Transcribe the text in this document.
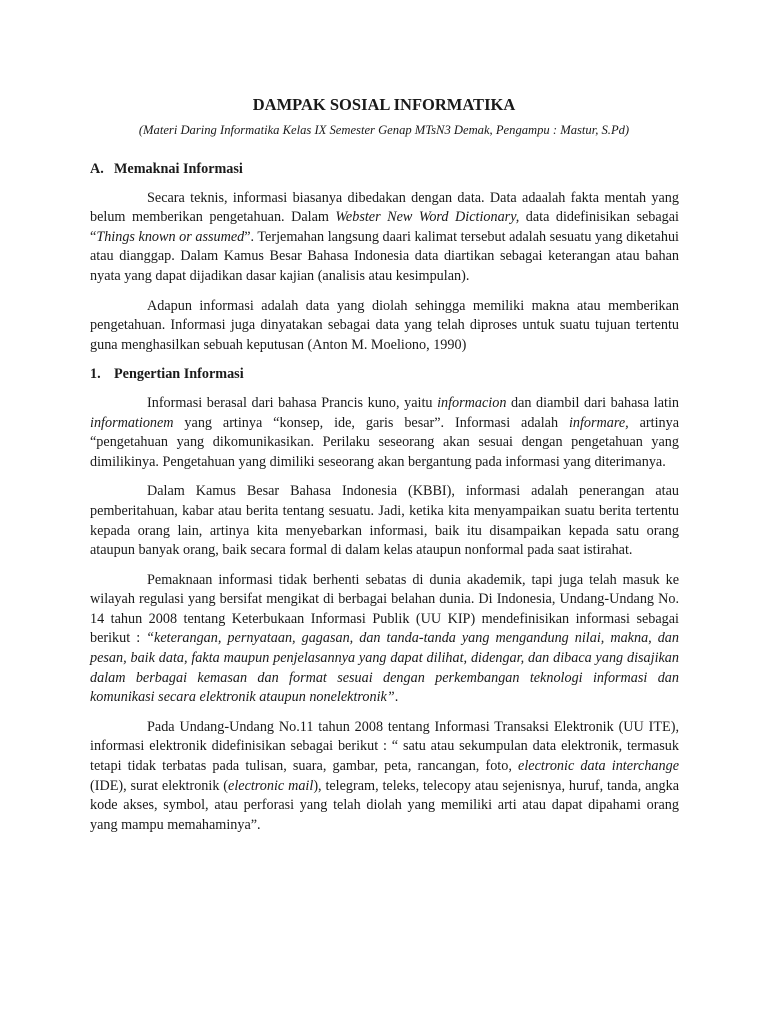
DAMPAK SOSIAL INFORMATIKA
(Materi Daring Informatika Kelas IX Semester Genap MTsN3 Demak, Pengampu : Mastur, S.Pd)
A. Memaknai Informasi

Secara teknis, informasi biasanya dibedakan dengan data. Data adaalah fakta mentah yang belum memberikan pengetahuan. Dalam Webster New Word Dictionary, data didefinisikan sebagai “Things known or assumed”. Terjemahan langsung daari kalimat tersebut adalah sesuatu yang diketahui atau dianggap. Dalam Kamus Besar Bahasa Indonesia data diartikan sebagai keterangan atau bahan nyata yang dapat dijadikan dasar kajian (analisis atau kesimpulan).

Adapun informasi adalah data yang diolah sehingga memiliki makna atau memberikan pengetahuan. Informasi juga dinyatakan sebagai data yang telah diproses untuk suatu tujuan tertentu guna menghasilkan sebuah keputusan (Anton M. Moeliono, 1990)

1. Pengertian Informasi

Informasi berasal dari bahasa Prancis kuno, yaitu informacion dan diambil dari bahasa latin informationem yang artinya “konsep, ide, garis besar”. Informasi adalah informare, artinya “pengetahuan yang dikomunikasikan. Perilaku seseorang akan sesuai dengan pengetahuan yang dimilikinya. Pengetahuan yang dimiliki seseorang akan bergantung pada informasi yang diterimanya.

Dalam Kamus Besar Bahasa Indonesia (KBBI), informasi adalah penerangan atau pemberitahuan, kabar atau berita tentang sesuatu. Jadi, ketika kita menyampaikan suatu berita tertentu kepada orang lain, artinya kita menyebarkan informasi, baik itu disampaikan kepada satu orang ataupun banyak orang, baik secara formal di dalam kelas ataupun nonformal pada saat istirahat.

Pemaknaan informasi tidak berhenti sebatas di dunia akademik, tapi juga telah masuk ke wilayah regulasi yang bersifat mengikat di berbagai belahan dunia. Di Indonesia, Undang-Undang No. 14 tahun 2008 tentang Keterbukaan Informasi Publik (UU KIP) mendefinisikan informasi sebagai berikut : “keterangan, pernyataan, gagasan, dan tanda-tanda yang mengandung nilai, makna, dan pesan, baik data, fakta maupun penjelasannya yang dapat dilihat, didengar, dan dibaca yang disajikan dalam berbagai kemasan dan format sesuai dengan perkembangan teknologi informasi dan komunikasi secara elektronik ataupun nonelektronik”.

Pada Undang-Undang No.11 tahun 2008 tentang Informasi Transaksi Elektronik (UU ITE), informasi elektronik didefinisikan sebagai berikut : “ satu atau sekumpulan data elektronik, termasuk tetapi tidak terbatas pada tulisan, suara, gambar, peta, rancangan, foto, electronic data interchange (IDE), surat elektronik (electronic mail), telegram, teleks, telecopy atau sejenisnya, huruf, tanda, angka kode akses, symbol, atau perforasi yang telah diolah yang memiliki arti atau dapat dipahami orang yang mampu memahaminya”.
